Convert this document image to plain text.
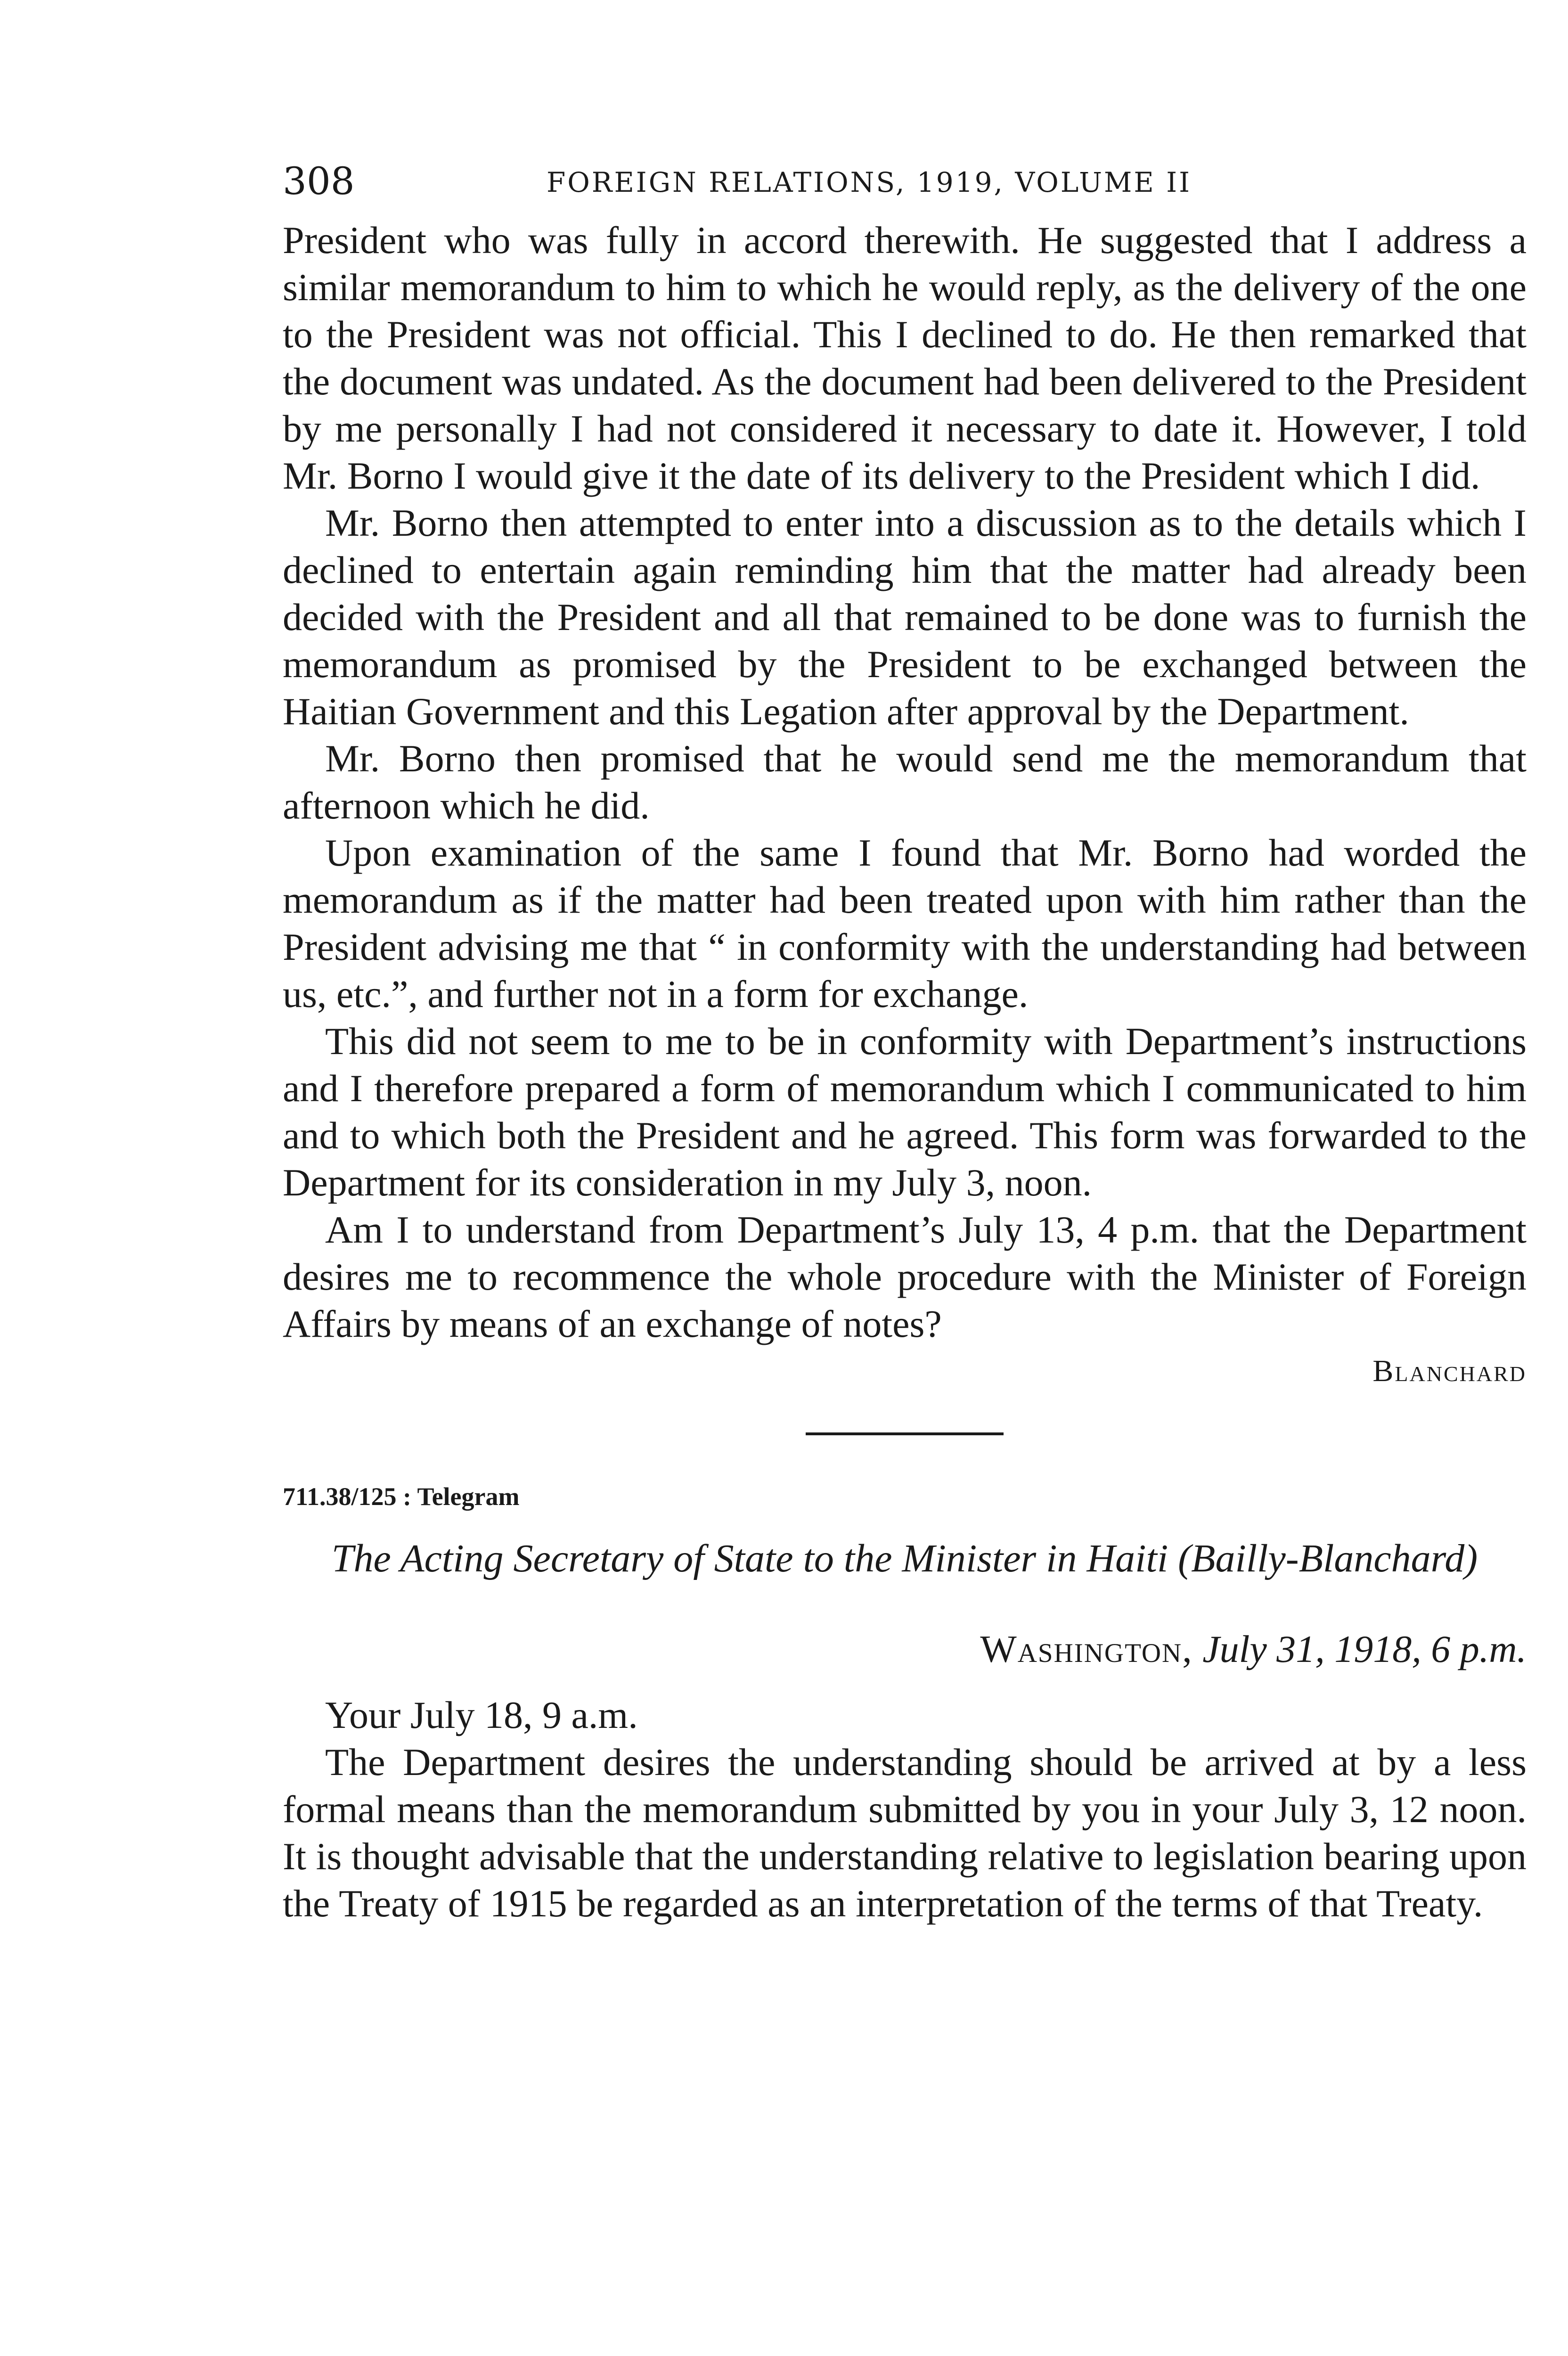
308	FOREIGN RELATIONS, 1919, VOLUME II

President who was fully in accord therewith. He suggested that I address a similar memorandum to him to which he would reply, as the delivery of the one to the President was not official. This I declined to do. He then remarked that the document was undated. As the document had been delivered to the President by me personally I had not considered it necessary to date it. However, I told Mr. Borno I would give it the date of its delivery to the President which I did.

Mr. Borno then attempted to enter into a discussion as to the details which I declined to entertain again reminding him that the matter had already been decided with the President and all that remained to be done was to furnish the memorandum as promised by the President to be exchanged between the Haitian Government and this Legation after approval by the Department.

Mr. Borno then promised that he would send me the memorandum that afternoon which he did.

Upon examination of the same I found that Mr. Borno had worded the memorandum as if the matter had been treated upon with him rather than the President advising me that “ in conformity with the understanding had between us, etc.”, and further not in a form for exchange.

This did not seem to me to be in conformity with Department’s instructions and I therefore prepared a form of memorandum which I communicated to him and to which both the President and he agreed. This form was forwarded to the Department for its consideration in my July 3, noon.

Am I to understand from Department’s July 13, 4 p.m. that the Department desires me to recommence the whole procedure with the Minister of Foreign Affairs by means of an exchange of notes?

Blanchard

711.38/125 : Telegram

The Acting Secretary of State to the Minister in Haiti (Bailly-Blanchard)

Washington, July 31, 1918, 6 p.m.

Your July 18, 9 a.m.

The Department desires the understanding should be arrived at by a less formal means than the memorandum submitted by you in your July 3, 12 noon. It is thought advisable that the understanding relative to legislation bearing upon the Treaty of 1915 be regarded as an interpretation of the terms of that Treaty.
